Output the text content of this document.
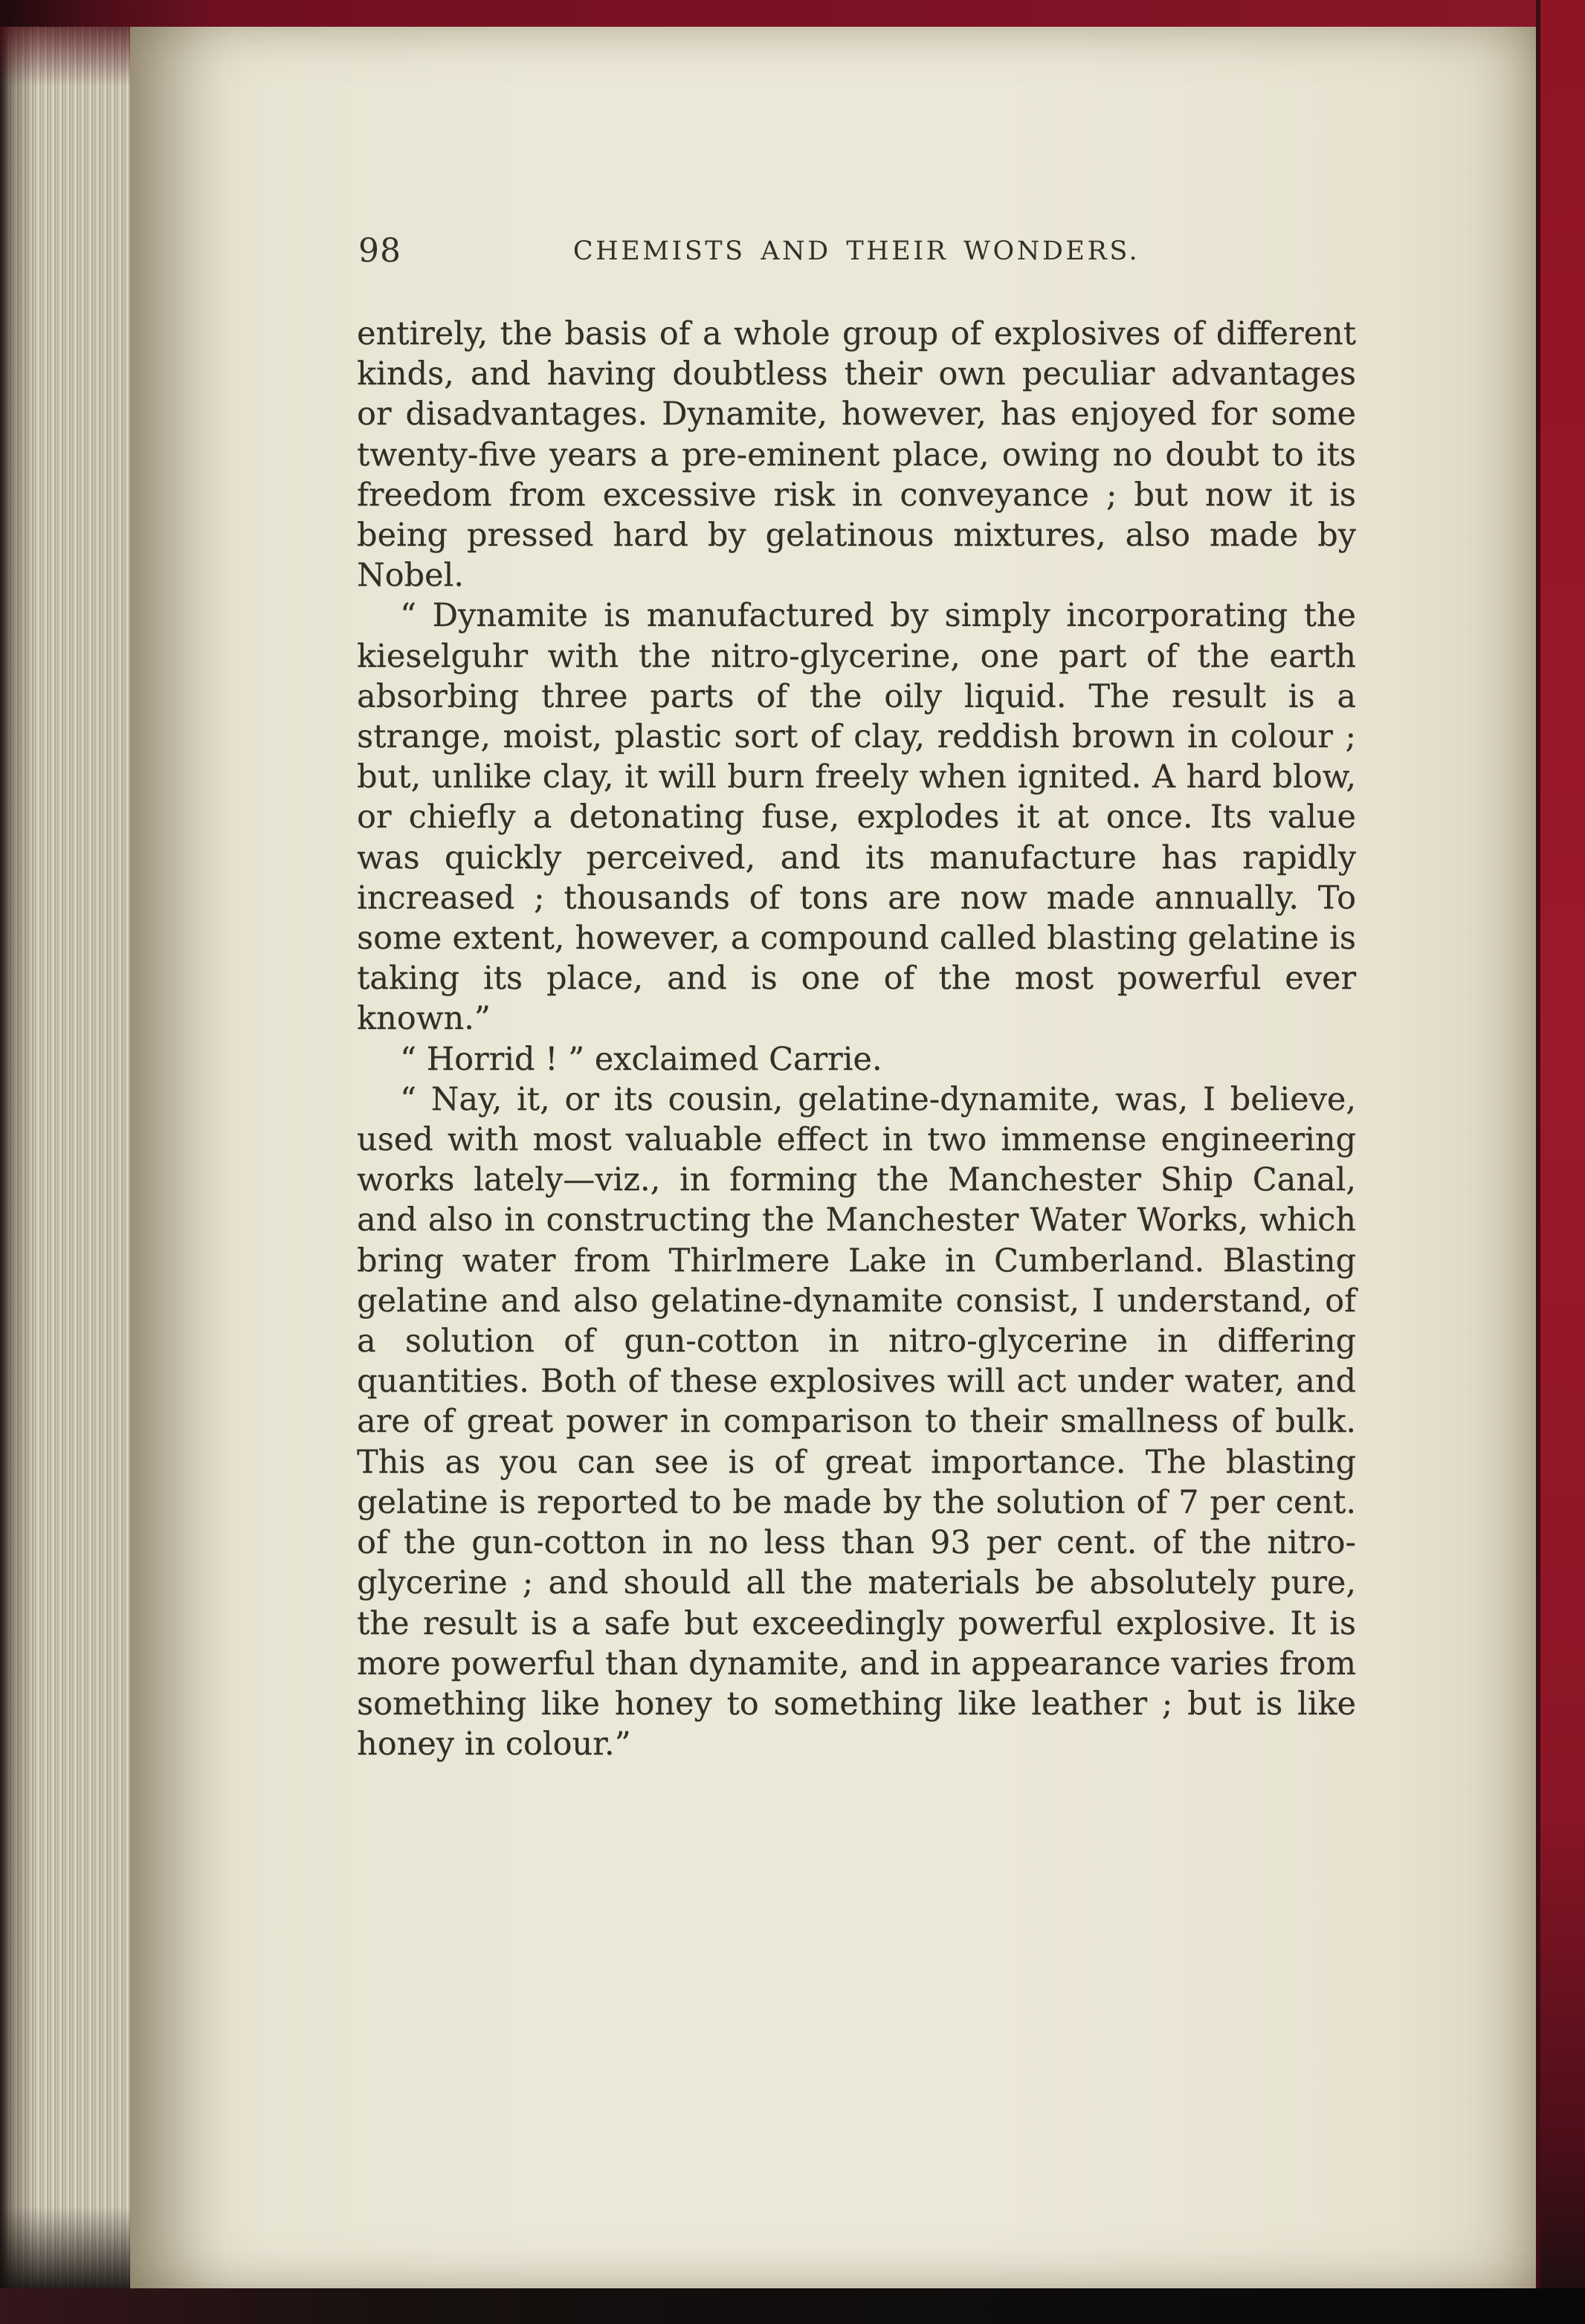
98	CHEMISTS AND THEIR WONDERS.

entirely, the basis of a whole group of explosives of different kinds, and having doubtless their own peculiar advantages or disadvantages. Dynamite, however, has enjoyed for some twenty-five years a pre-eminent place, owing no doubt to its freedom from excessive risk in conveyance ; but now it is being pressed hard by gelatinous mixtures, also made by Nobel.

“ Dynamite is manufactured by simply incorporating the kieselguhr with the nitro-glycerine, one part of the earth absorbing three parts of the oily liquid. The result is a strange, moist, plastic sort of clay, reddish brown in colour ; but, unlike clay, it will burn freely when ignited. A hard blow, or chiefly a detonating fuse, explodes it at once. Its value was quickly perceived, and its manufacture has rapidly increased ; thousands of tons are now made annually. To some extent, however, a compound called blasting gelatine is taking its place, and is one of the most powerful ever known.”

“ Horrid ! ” exclaimed Carrie.

“ Nay, it, or its cousin, gelatine-dynamite, was, I believe, used with most valuable effect in two immense engineering works lately—viz., in forming the Manchester Ship Canal, and also in constructing the Manchester Water Works, which bring water from Thirlmere Lake in Cumberland. Blasting gelatine and also gelatine-dynamite consist, I understand, of a solution of gun-cotton in nitro-glycerine in differing quantities. Both of these explosives will act under water, and are of great power in comparison to their smallness of bulk. This as you can see is of great importance. The blasting gelatine is reported to be made by the solution of 7 per cent. of the gun-cotton in no less than 93 per cent. of the nitro-glycerine ; and should all the materials be absolutely pure, the result is a safe but exceedingly powerful explosive. It is more powerful than dynamite, and in appearance varies from something like honey to something like leather ; but is like honey in colour.”
